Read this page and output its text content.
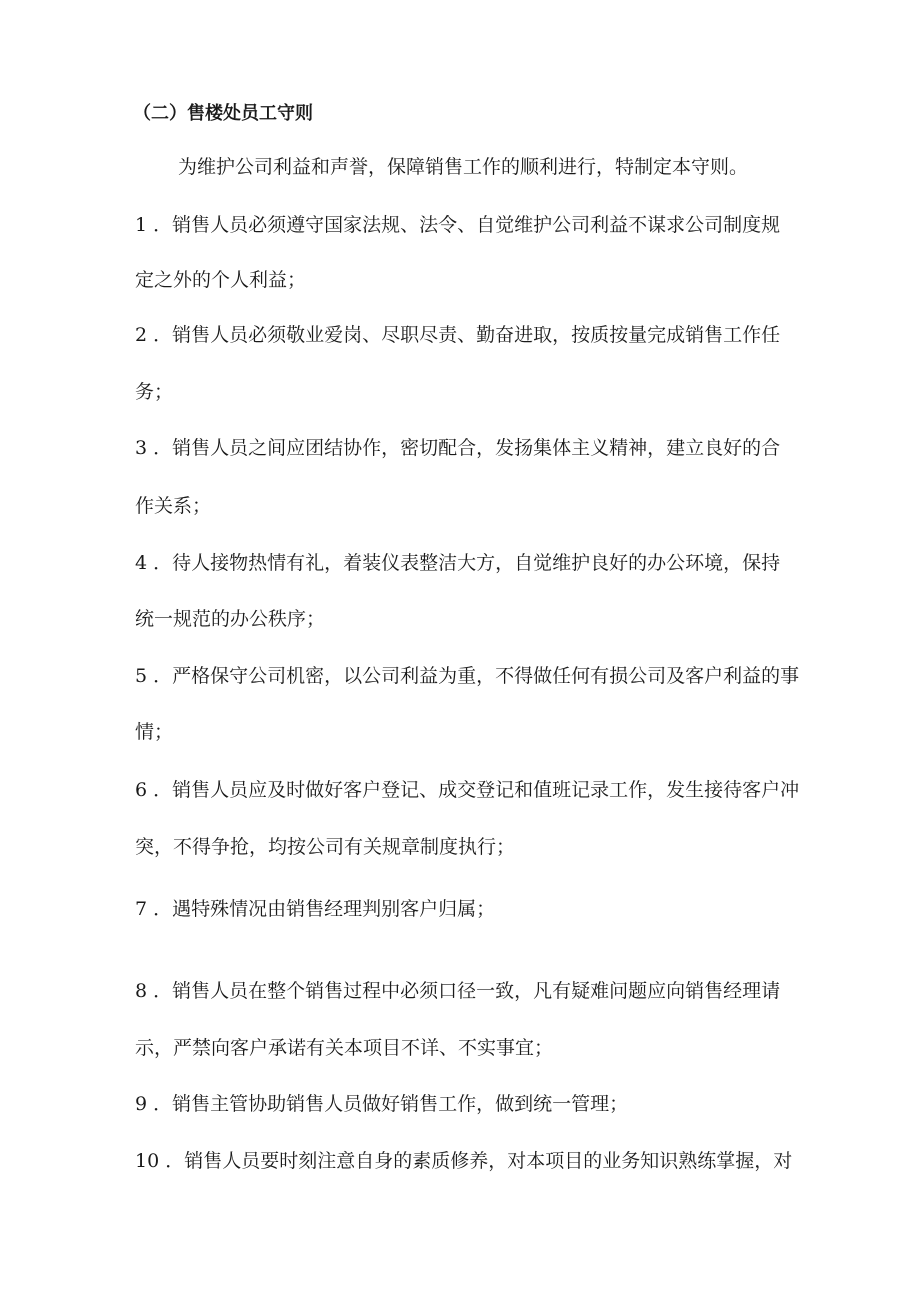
（二）售楼处员工守则
为维护公司利益和声誉，保障销售工作的顺利进行，特制定本守则。
1 ．销售人员必须遵守国家法规、法令、自觉维护公司利益不谋求公司制度规
定之外的个人利益；
2 ．销售人员必须敬业爱岗、尽职尽责、勤奋进取，按质按量完成销售工作任
务；
3 ．销售人员之间应团结协作，密切配合，发扬集体主义精神，建立良好的合
作关系；
4 ．待人接物热情有礼，着装仪表整洁大方，自觉维护良好的办公环境，保持
统一规范的办公秩序；
5 ．严格保守公司机密，以公司利益为重，不得做任何有损公司及客户利益的事
情；
6 ．销售人员应及时做好客户登记、成交登记和值班记录工作，发生接待客户冲
突，不得争抢，均按公司有关规章制度执行；
7 ．遇特殊情况由销售经理判别客户归属；
8 ．销售人员在整个销售过程中必须口径一致，凡有疑难问题应向销售经理请
示，严禁向客户承诺有关本项目不详、不实事宜；
9 ．销售主管协助销售人员做好销售工作，做到统一管理；
10 ．销售人员要时刻注意自身的素质修养，对本项目的业务知识熟练掌握，对
